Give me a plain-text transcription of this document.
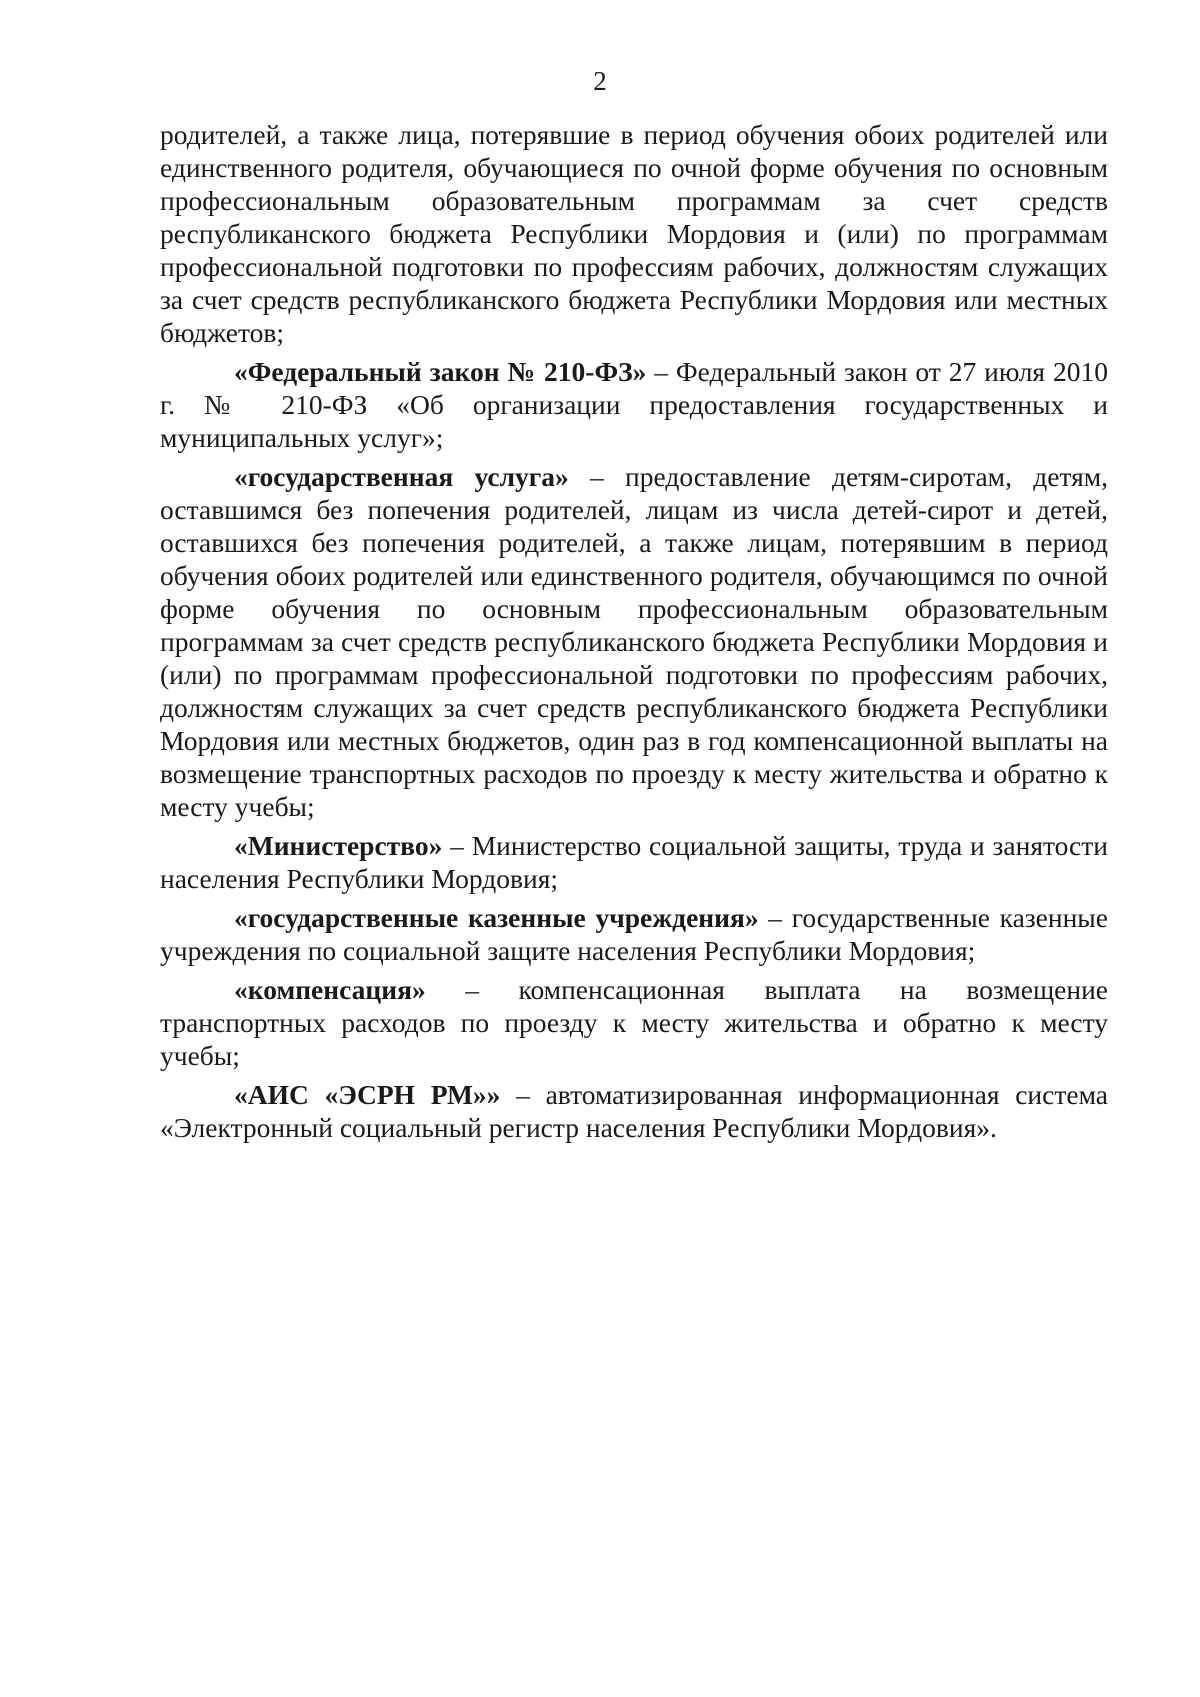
2

родителей, а также лица, потерявшие в период обучения обоих родителей или единственного родителя, обучающиеся по очной форме обучения по основным профессиональным образовательным программам за счет средств республиканского бюджета Республики Мордовия и (или) по программам профессиональной подготовки по профессиям рабочих, должностям служащих за счет средств республиканского бюджета Республики Мордовия или местных бюджетов;

«Федеральный закон № 210-ФЗ» – Федеральный закон от 27 июля 2010 г. № 210-ФЗ «Об организации предоставления государственных и муниципальных услуг»;

«государственная услуга» – предоставление детям-сиротам, детям, оставшимся без попечения родителей, лицам из числа детей-сирот и детей, оставшихся без попечения родителей, а также лицам, потерявшим в период обучения обоих родителей или единственного родителя, обучающимся по очной форме обучения по основным профессиональным образовательным программам за счет средств республиканского бюджета Республики Мордовия и (или) по программам профессиональной подготовки по профессиям рабочих, должностям служащих за счет средств республиканского бюджета Республики Мордовия или местных бюджетов, один раз в год компенсационной выплаты на возмещение транспортных расходов по проезду к месту жительства и обратно к месту учебы;

«Министерство» – Министерство социальной защиты, труда и занятости населения Республики Мордовия;

«государственные казенные учреждения» – государственные казенные учреждения по социальной защите населения Республики Мордовия;

«компенсация» – компенсационная выплата на возмещение транспортных расходов по проезду к месту жительства и обратно к месту учебы;

«АИС «ЭСРН РМ»» – автоматизированная информационная система «Электронный социальный регистр населения Республики Мордовия».
